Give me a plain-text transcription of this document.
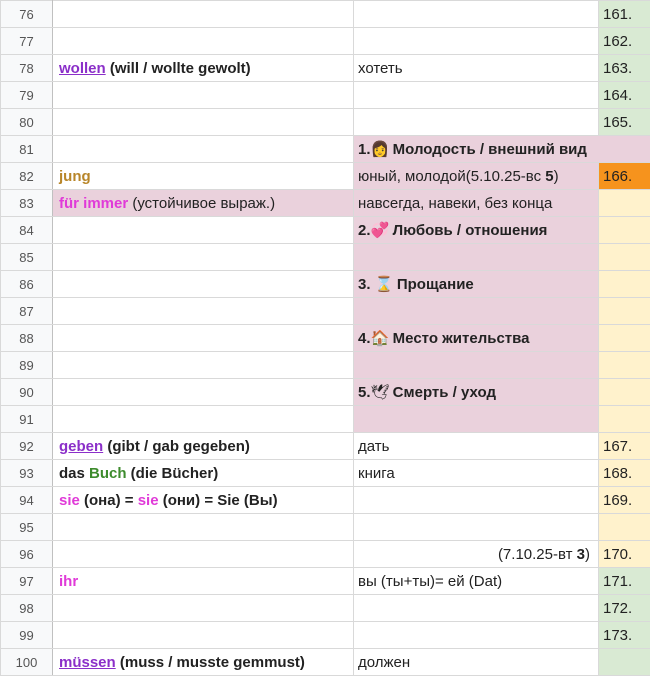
76			161.
77			162.
78	wollen (will / wollte gewolt)	хотеть	163.
79			164.
80			165.
81		1.👩 Молодость / внешний вид	
82	jung	юный, молодой(5.10.25-вс 5)	166.
83	für immer (устойчивое выраж.)	навсегда, навеки, без конца	
84		2.💞 Любовь / отношения	
85			
86		3. ⌛ Прощание	
87			
88		4.🏠 Место жительства	
89			
90		5.🕊 Смерть / уход	
91			
92	geben (gibt / gab gegeben)	дать	167.
93	das Buch (die Bücher)	книга	168.
94	sie (она) = sie (они) = Sie (Вы)		169.
95			
96		(7.10.25-вт 3)	170.
97	ihr	вы (ты+ты)= ей (Dat)	171.
98			172.
99			173.
100	müssen (muss / musste gemmust)	должен	
